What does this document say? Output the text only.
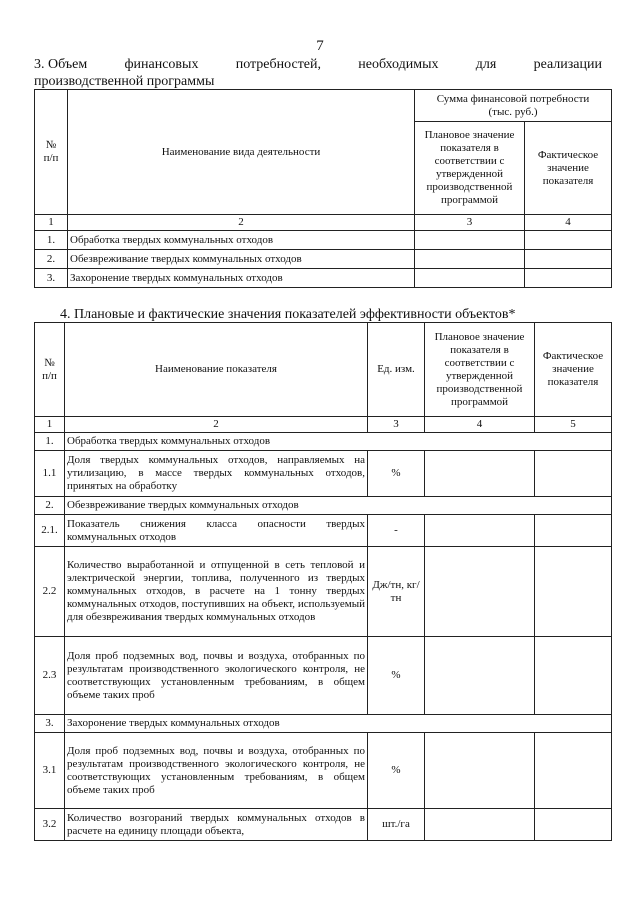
7
3. Объем	финансовых	потребностей,	необходимых	для	реализации
производственной программы
№
п/п	Наименование вида деятельности	Сумма финансовой потребности
(тыс. руб.)	
		Плановое значение показателя в соответствии с утвержденной производственной программой	Фактическое значение показателя
1	2	3	4
1.	Обработка твердых коммунальных отходов		
2.	Обезвреживание твердых коммунальных отходов		
3.	Захоронение твердых коммунальных отходов		
4. Плановые и фактические значения показателей эффективности объектов*
№
п/п	Наименование показателя	Ед. изм.	Плановое значение показателя в соответствии с утвержденной производственной программой	Фактическое значение показателя
1	2	3	4	5
1.	Обработка твердых коммунальных отходов			
1.1	Доля твердых коммунальных отходов, направляемых на утилизацию, в массе твердых коммунальных отходов, принятых на обработку	%		
2.	Обезвреживание твердых коммунальных отходов			
2.1.	Показатель снижения класса опасности твердых коммунальных отходов	-		
2.2	Количество выработанной и отпущенной в сеть тепловой и электрической энергии, топлива, полученного из твердых коммунальных отходов, в расчете на 1 тонну твердых коммунальных отходов, поступивших на объект, используемый для обезвреживания твердых коммунальных отходов	Дж/тн, кг/тн		
2.3	Доля проб подземных вод, почвы и воздуха, отобранных по результатам производственного экологического контроля, не соответствующих установленным требованиям, в общем объеме таких проб	%		
3.	Захоронение твердых коммунальных отходов			
3.1	Доля проб подземных вод, почвы и воздуха, отобранных по результатам производственного экологического контроля, не соответствующих установленным требованиям, в общем объеме таких проб	%		
3.2	Количество возгораний твердых коммунальных отходов в расчете на единицу площади объекта,	шт./га		
